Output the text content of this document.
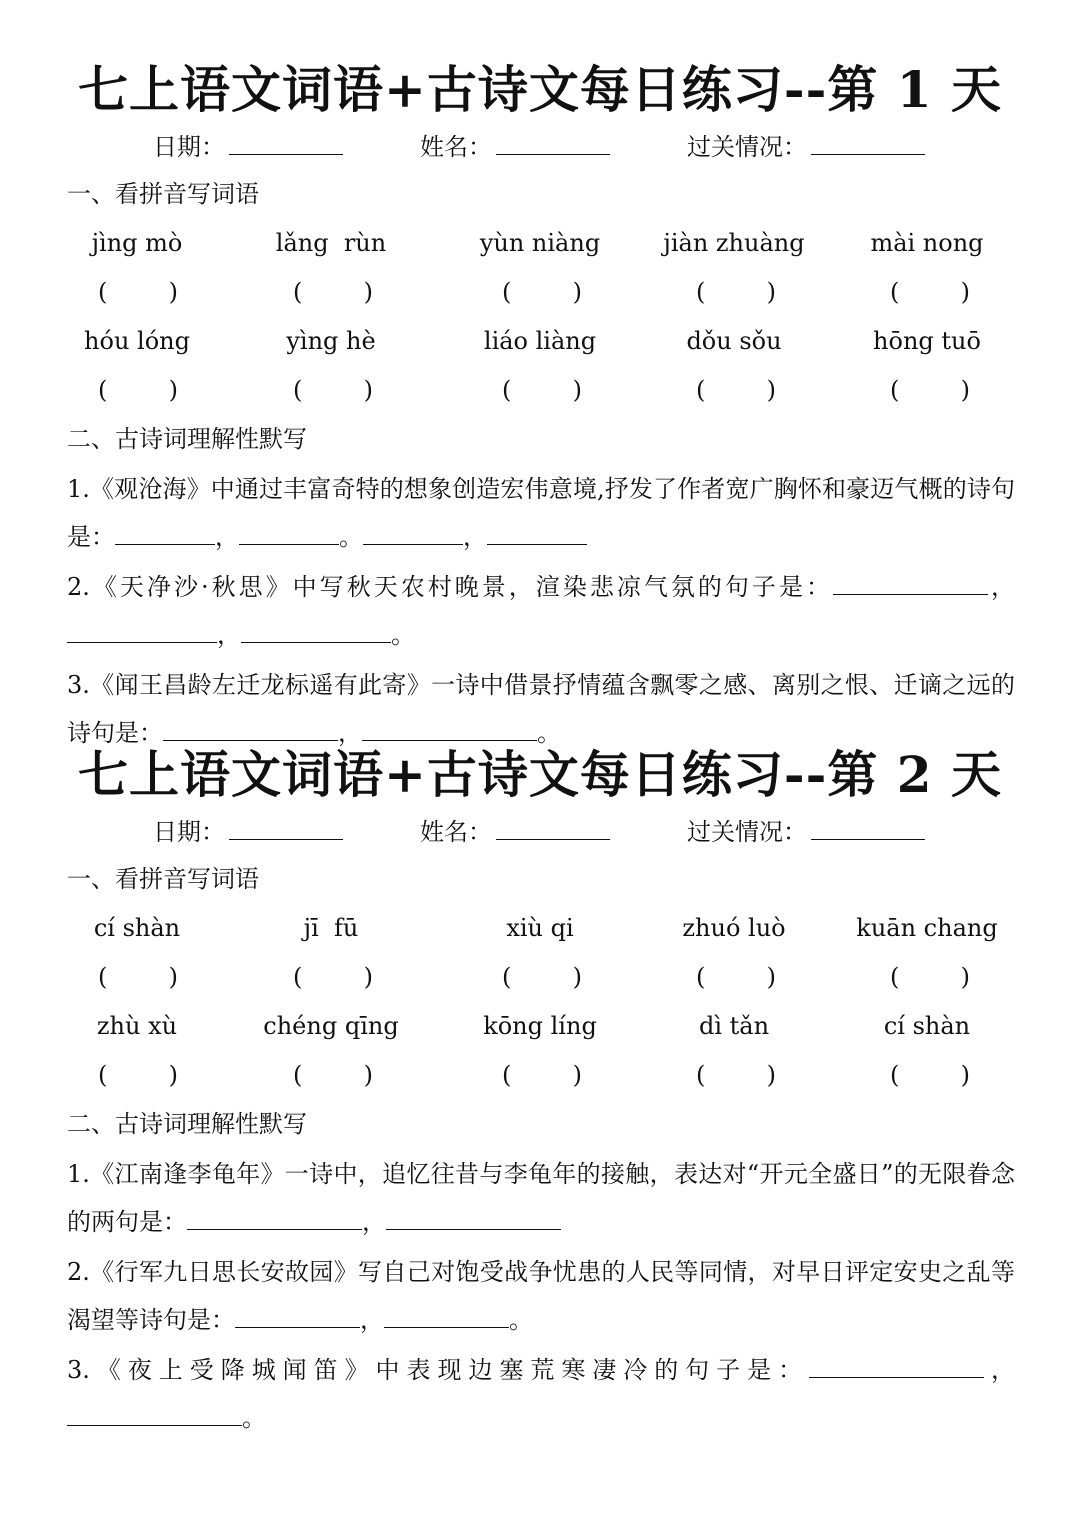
七上语文词语+古诗文每日练习--第 1 天
日期：	姓名：	过关情况：
一、看拼音写词语
jìng mò	lǎng  rùn	yùn niàng	jiàn zhuàng	mài nong
(	)	(	)	(	)	(	)	(	)
hóu lóng	yìng hè	liáo liàng	dǒu sǒu	hōng tuō
(	)	(	)	(	)	(	)	(	)
二、古诗词理解性默写
1.《观沧海》中通过丰富奇特的想象创造宏伟意境,抒发了作者宽广胸怀和豪迈气概的诗句是：	，	。	，
2.《天净沙·秋思》中写秋天农村晚景，渲染悲凉气氛的句子是：	，，	。
3.《闻王昌龄左迁龙标遥有此寄》一诗中借景抒情蕴含飘零之感、离别之恨、迁谪之远的诗句是：	，	。
七上语文词语+古诗文每日练习--第 2 天
日期：	姓名：	过关情况：
一、看拼音写词语
cí shàn	jī  fū	xiù qi	zhuó luò	kuān chang
(	)	(	)	(	)	(	)	(	)
zhù xù	chéng qīng	kōng líng	dì tǎn	cí shàn
(	)	(	)	(	)	(	)	(	)
二、古诗词理解性默写
1.《江南逢李龟年》一诗中，追忆往昔与李龟年的接触，表达对“开元全盛日”的无限眷念的两句是：	，
2.《行军九日思长安故园》写自己对饱受战争忧患的人民等同情，对早日评定安史之乱等渴望等诗句是：	，	。
3.《夜上受降城闻笛》中表现边塞荒寒凄冷的句子是：	，。
